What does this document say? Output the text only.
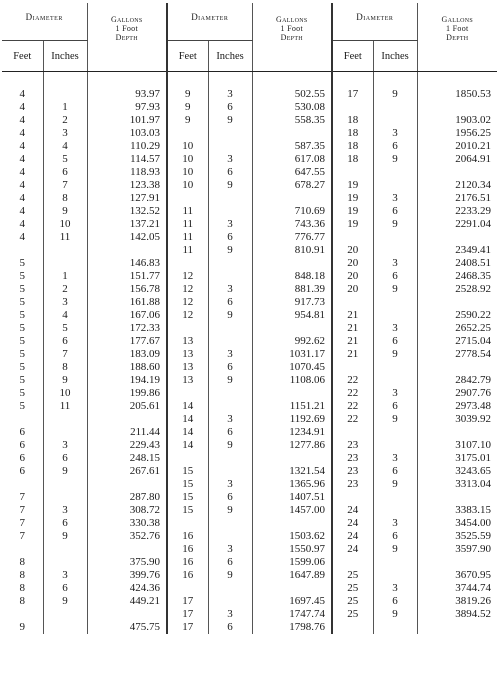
Diameter		Gallons
1 Foot
Depth	Diameter		Gallons
1 Foot
Depth	Diameter		Gallons
1 Foot
Depth
Feet	Inches		Feet	Inches		Feet	Inches	
4		93.97	9	3	502.55	17	9	1850.53
4	1	97.93	9	6	530.08			
4	2	101.97	9	9	558.35	18		1903.02
4	3	103.03				18	3	1956.25
4	4	110.29	10		587.35	18	6	2010.21
4	5	114.57	10	3	617.08	18	9	2064.91
4	6	118.93	10	6	647.55			
4	7	123.38	10	9	678.27	19		2120.34
4	8	127.91				19	3	2176.51
4	9	132.52	11		710.69	19	6	2233.29
4	10	137.21	11	3	743.36	19	9	2291.04
4	11	142.05	11	6	776.77			
			11	9	810.91	20		2349.41
5		146.83				20	3	2408.51
5	1	151.77	12		848.18	20	6	2468.35
5	2	156.78	12	3	881.39	20	9	2528.92
5	3	161.88	12	6	917.73			
5	4	167.06	12	9	954.81	21		2590.22
5	5	172.33				21	3	2652.25
5	6	177.67	13		992.62	21	6	2715.04
5	7	183.09	13	3	1031.17	21	9	2778.54
5	8	188.60	13	6	1070.45			
5	9	194.19	13	9	1108.06	22		2842.79
5	10	199.86				22	3	2907.76
5	11	205.61	14		1151.21	22	6	2973.48
			14	3	1192.69	22	9	3039.92
6		211.44	14	6	1234.91			
6	3	229.43	14	9	1277.86	23		3107.10
6	6	248.15				23	3	3175.01
6	9	267.61	15		1321.54	23	6	3243.65
			15	3	1365.96	23	9	3313.04
7		287.80	15	6	1407.51			
7	3	308.72	15	9	1457.00	24		3383.15
7	6	330.38				24	3	3454.00
7	9	352.76	16		1503.62	24	6	3525.59
			16	3	1550.97	24	9	3597.90
8		375.90	16	6	1599.06			
8	3	399.76	16	9	1647.89	25		3670.95
8	6	424.36				25	3	3744.74
8	9	449.21	17		1697.45	25	6	3819.26
			17	3	1747.74	25	9	3894.52
9		475.75	17	6	1798.76			
